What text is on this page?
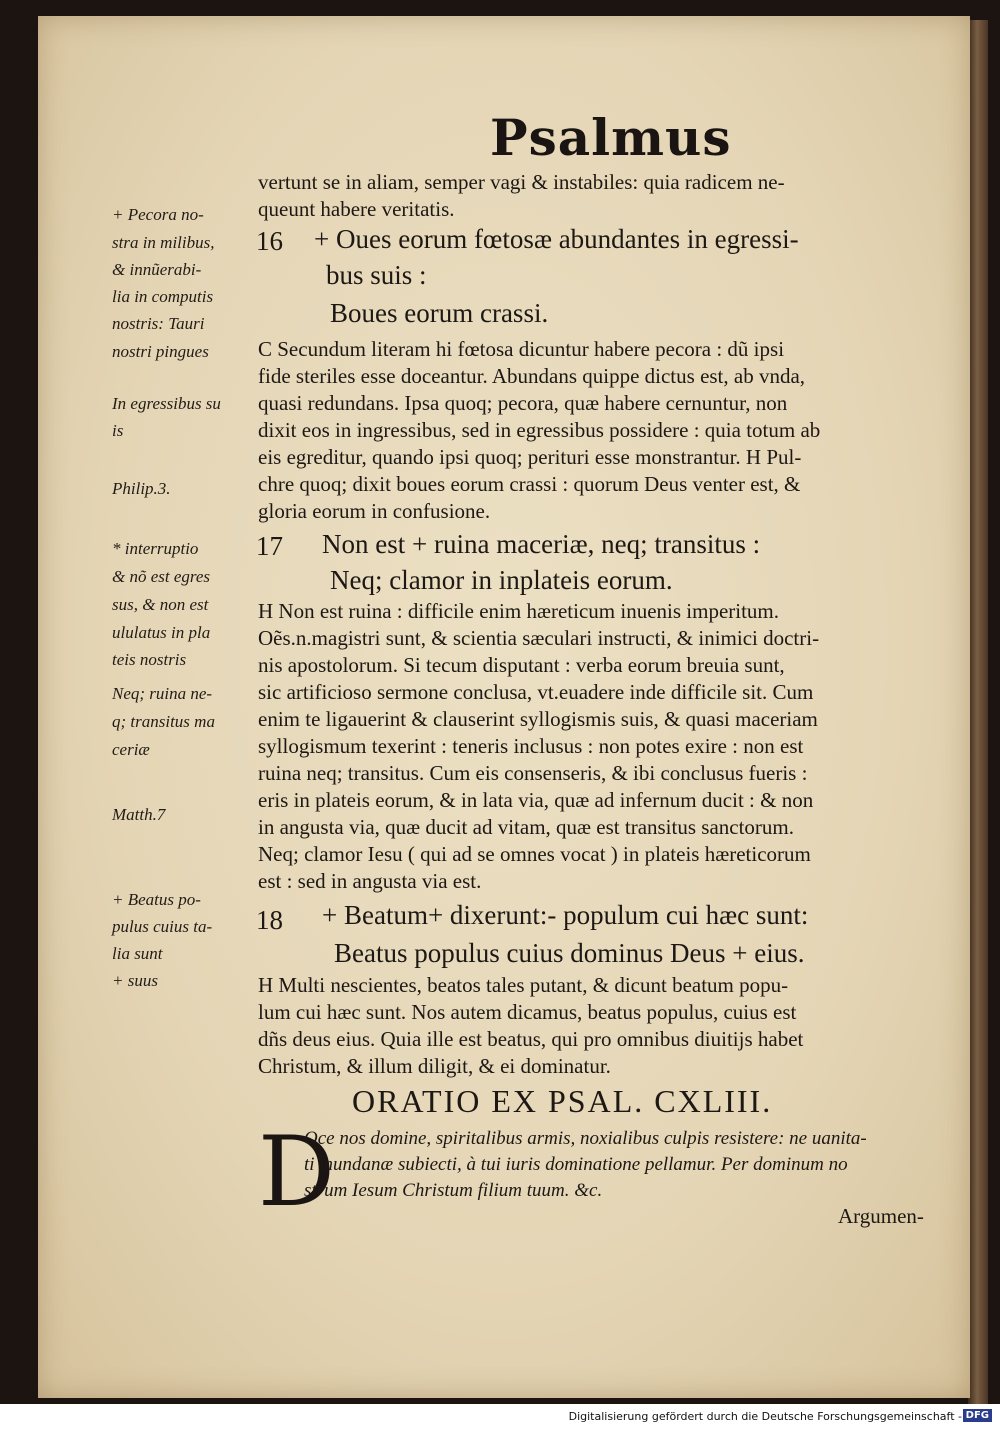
Psalmus
vertunt se in aliam, semper vagi & instabiles: quia radicem ne-
queunt habere veritatis.
16 + Oues eorum fœtosæ abundantes in egressi-
bus suis :
Boues eorum crassi.
C Secundum literam hi fœtosa dicuntur habere pecora : dũ ipsi
fide steriles esse doceantur. Abundans quippe dictus est, ab vnda,
quasi redundans. Ipsa quoq; pecora, quæ habere cernuntur, non
dixit eos in ingressibus, sed in egressibus possidere : quia totum ab
eis egreditur, quando ipsi quoq; perituri esse monstrantur. H Pul-
chre quoq; dixit boues eorum crassi : quorum Deus venter est, &
gloria eorum in confusione.
17 Non est + ruina maceriæ, neq; transitus :
Neq; clamor in inplateis eorum.
H Non est ruina : difficile enim hæreticum inuenis imperitum.
Oẽs.n.magistri sunt, & scientia sæculari instructi, & inimici doctri-
nis apostolorum. Si tecum disputant : verba eorum breuia sunt,
sic artificioso sermone conclusa, vt.euadere inde difficile sit. Cum
enim te ligauerint & clauserint syllogismis suis, & quasi maceriam
syllogismum texerint : teneris inclusus : non potes exire : non est
ruina neq; transitus. Cum eis consenseris, & ibi conclusus fueris :
eris in plateis eorum, & in lata via, quæ ad infernum ducit : & non
in angusta via, quæ ducit ad vitam, quæ est transitus sanctorum.
Neq; clamor Iesu ( qui ad se omnes vocat ) in plateis hæreticorum
est : sed in angusta via est.
18 + Beatum+ dixerunt:- populum cui hæc sunt:
Beatus populus cuius dominus Deus + eius.
H Multi nescientes, beatos tales putant, & dicunt beatum popu-
lum cui hæc sunt. Nos autem dicamus, beatus populus, cuius est
dñs deus eius. Quia ille est beatus, qui pro omnibus diuitijs habet
Christum, & illum diligit, & ei dominatur.
+ Pecora no-
stra in milibus,
& innũerabi-
lia in computis
nostris: Tauri
nostri pingues
In egressibus su
is
Philip.3.
* interruptio
& nõ est egres
sus, & non est
ululatus in pla
teis nostris
Neq; ruina ne-
q; transitus ma
ceriæ
Matth.7
+ Beatus po-
pulus cuius ta-
lia sunt
+ suus
ORATIO EX PSAL. CXLIII.
D
Oce nos domine, spiritalibus armis, noxialibus culpis resistere: ne uanita-
ti mundanæ subiecti, à tui iuris dominatione pellamur. Per dominum no
strum Iesum Christum filium tuum. &c.
Argumen-
Digitalisierung gefördert durch die Deutsche Forschungsgemeinschaft - DFG
